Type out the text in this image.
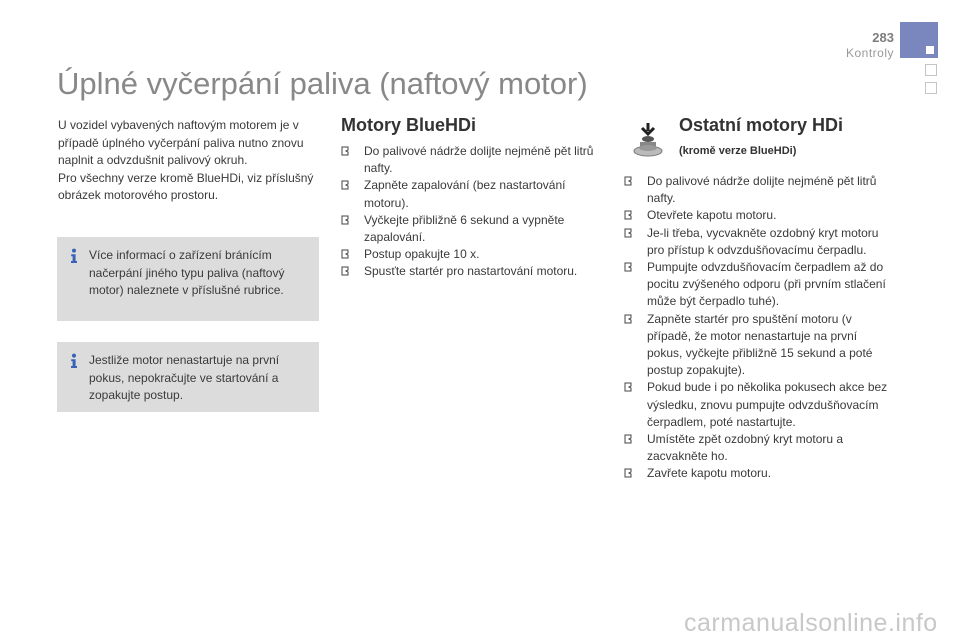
283
Kontroly
Úplné vyčerpání paliva (naftový motor)

U vozidel vybavených naftovým motorem je v případě úplného vyčerpání paliva nutno znovu naplnit a odvzdušnit palivový okruh.

Pro všechny verze kromě BlueHDi, viz příslušný obrázek motorového prostoru.

Více informací o zařízení bránícím načerpání jiného typu paliva (naftový motor) naleznete v příslušné rubrice.
Jestliže motor nenastartuje na první pokus, nepokračujte ve startování a zopakujte postup.
Motory BlueHDi
Do palivové nádrže dolijte nejméně pět litrů nafty.
Zapněte zapalování (bez nastartování motoru).
Vyčkejte přibližně 6 sekund a vypněte zapalování.
Postup opakujte 10 x.
Spusťte startér pro nastartování motoru.
Ostatní motory HDi
(kromě verze BlueHDi)
Do palivové nádrže dolijte nejméně pět litrů nafty.
Otevřete kapotu motoru.
Je-li třeba, vycvakněte ozdobný kryt motoru pro přístup k odvzdušňovacímu čerpadlu.
Pumpujte odvzdušňovacím čerpadlem až do pocitu zvýšeného odporu (při prvním stlačení může být čerpadlo tuhé).
Zapněte startér pro spuštění motoru (v případě, že motor nenastartuje na první pokus, vyčkejte přibližně 15 sekund a poté postup zopakujte).
Pokud bude i po několika pokusech akce bez výsledku, znovu pumpujte odvzdušňovacím čerpadlem, poté nastartujte.
Umístěte zpět ozdobný kryt motoru a zacvakněte ho.
Zavřete kapotu motoru.
carmanualsonline.info
